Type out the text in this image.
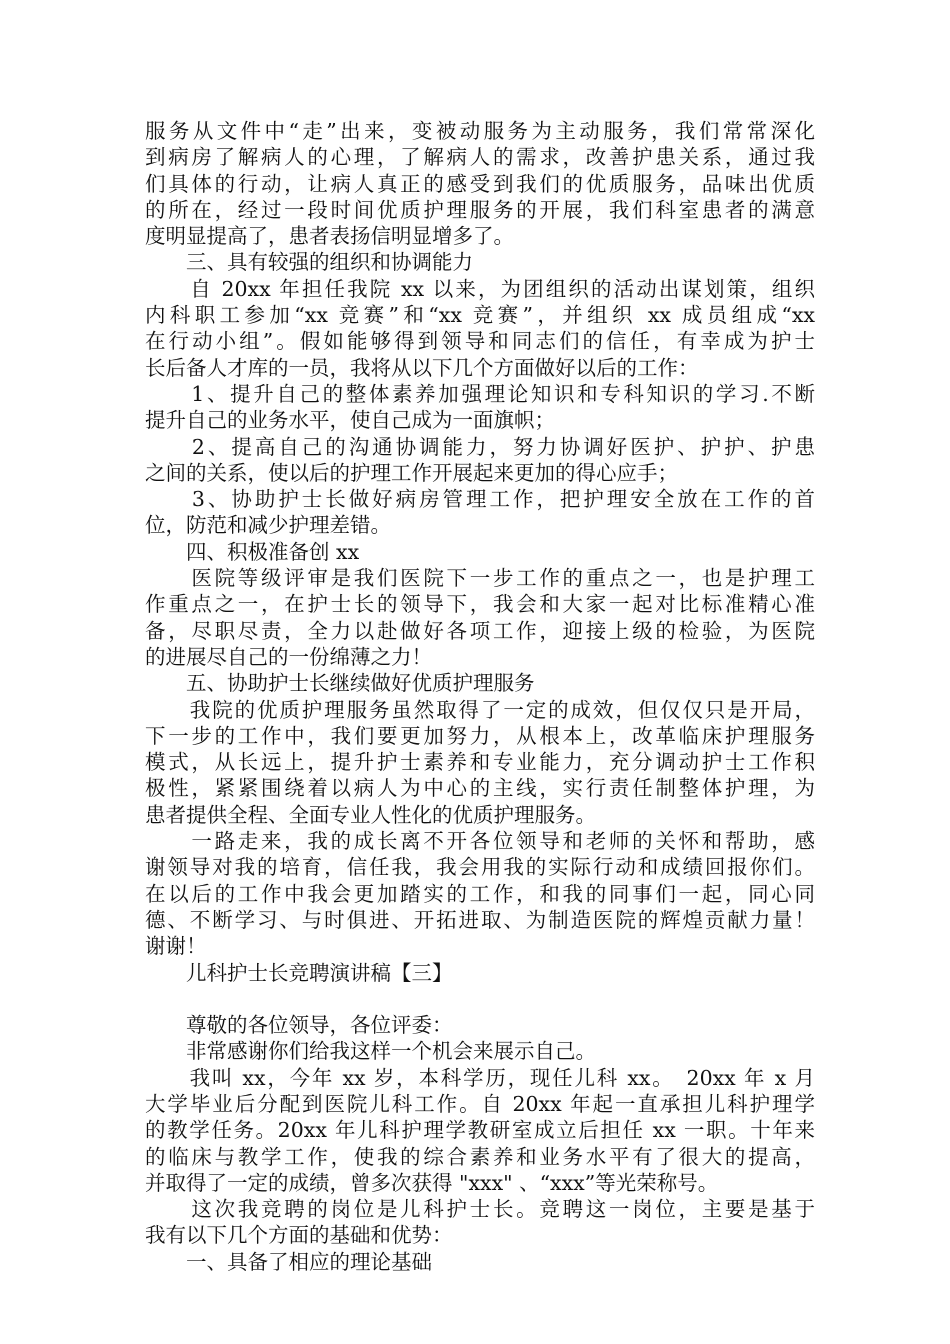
服务从文件中“走”出来，变被动服务为主动服务，我们常常深化
到病房了解病人的心理，了解病人的需求，改善护患关系，通过我
们具体的行动，让病人真正的感受到我们的优质服务，品味出优质
的所在，经过一段时间优质护理服务的开展，我们科室患者的满意
度明显提高了，患者表扬信明显增多了。
　　三、具有较强的组织和协调能力
　　自 20xx 年担任我院 xx 以来，为团组织的活动出谋划策，组织
内科职工参加“xx 竞赛”和“xx 竞赛”，并组织 xx 成员组成“xx
在行动小组”。假如能够得到领导和同志们的信任，有幸成为护士
长后备人才库的一员，我将从以下几个方面做好以后的工作：
　　1、提升自己的整体素养加强理论知识和专科知识的学习.不断
提升自己的业务水平，使自己成为一面旗帜；
　　2、提高自己的沟通协调能力，努力协调好医护、护护、护患
之间的关系，使以后的护理工作开展起来更加的得心应手；
　　3、协助护士长做好病房管理工作，把护理安全放在工作的首
位，防范和减少护理差错。
　　四、积极准备创 xx
　　医院等级评审是我们医院下一步工作的重点之一，也是护理工
作重点之一，在护士长的领导下，我会和大家一起对比标准精心准
备，尽职尽责，全力以赴做好各项工作，迎接上级的检验，为医院
的进展尽自己的一份绵薄之力！
　　五、协助护士长继续做好优质护理服务
　　我院的优质护理服务虽然取得了一定的成效，但仅仅只是开局，
下一步的工作中，我们要更加努力，从根本上，改革临床护理服务
模式，从长远上，提升护士素养和专业能力，充分调动护士工作积
极性，紧紧围绕着以病人为中心的主线，实行责任制整体护理，为
患者提供全程、全面专业人性化的优质护理服务。
　　一路走来，我的成长离不开各位领导和老师的关怀和帮助，感
谢领导对我的培育，信任我，我会用我的实际行动和成绩回报你们。
在以后的工作中我会更加踏实的工作，和我的同事们一起，同心同
德、不断学习、与时俱进、开拓进取、为制造医院的辉煌贡献力量！
谢谢！
　　儿科护士长竞聘演讲稿【三】
　　尊敬的各位领导，各位评委：
　　非常感谢你们给我这样一个机会来展示自己。
　　我叫 xx，今年 xx 岁，本科学历，现任儿科 xx。　20xx 年 x 月
大学毕业后分配到医院儿科工作。自 20xx 年起一直承担儿科护理学
的教学任务。20xx 年儿科护理学教研室成立后担任 xx 一职。十年来
的临床与教学工作，使我的综合素养和业务水平有了很大的提高，
并取得了一定的成绩，曾多次获得 "xxx" 、“xxx”等光荣称号。
　　这次我竞聘的岗位是儿科护士长。竞聘这一岗位，主要是基于
我有以下几个方面的基础和优势：
　　一、具备了相应的理论基础
